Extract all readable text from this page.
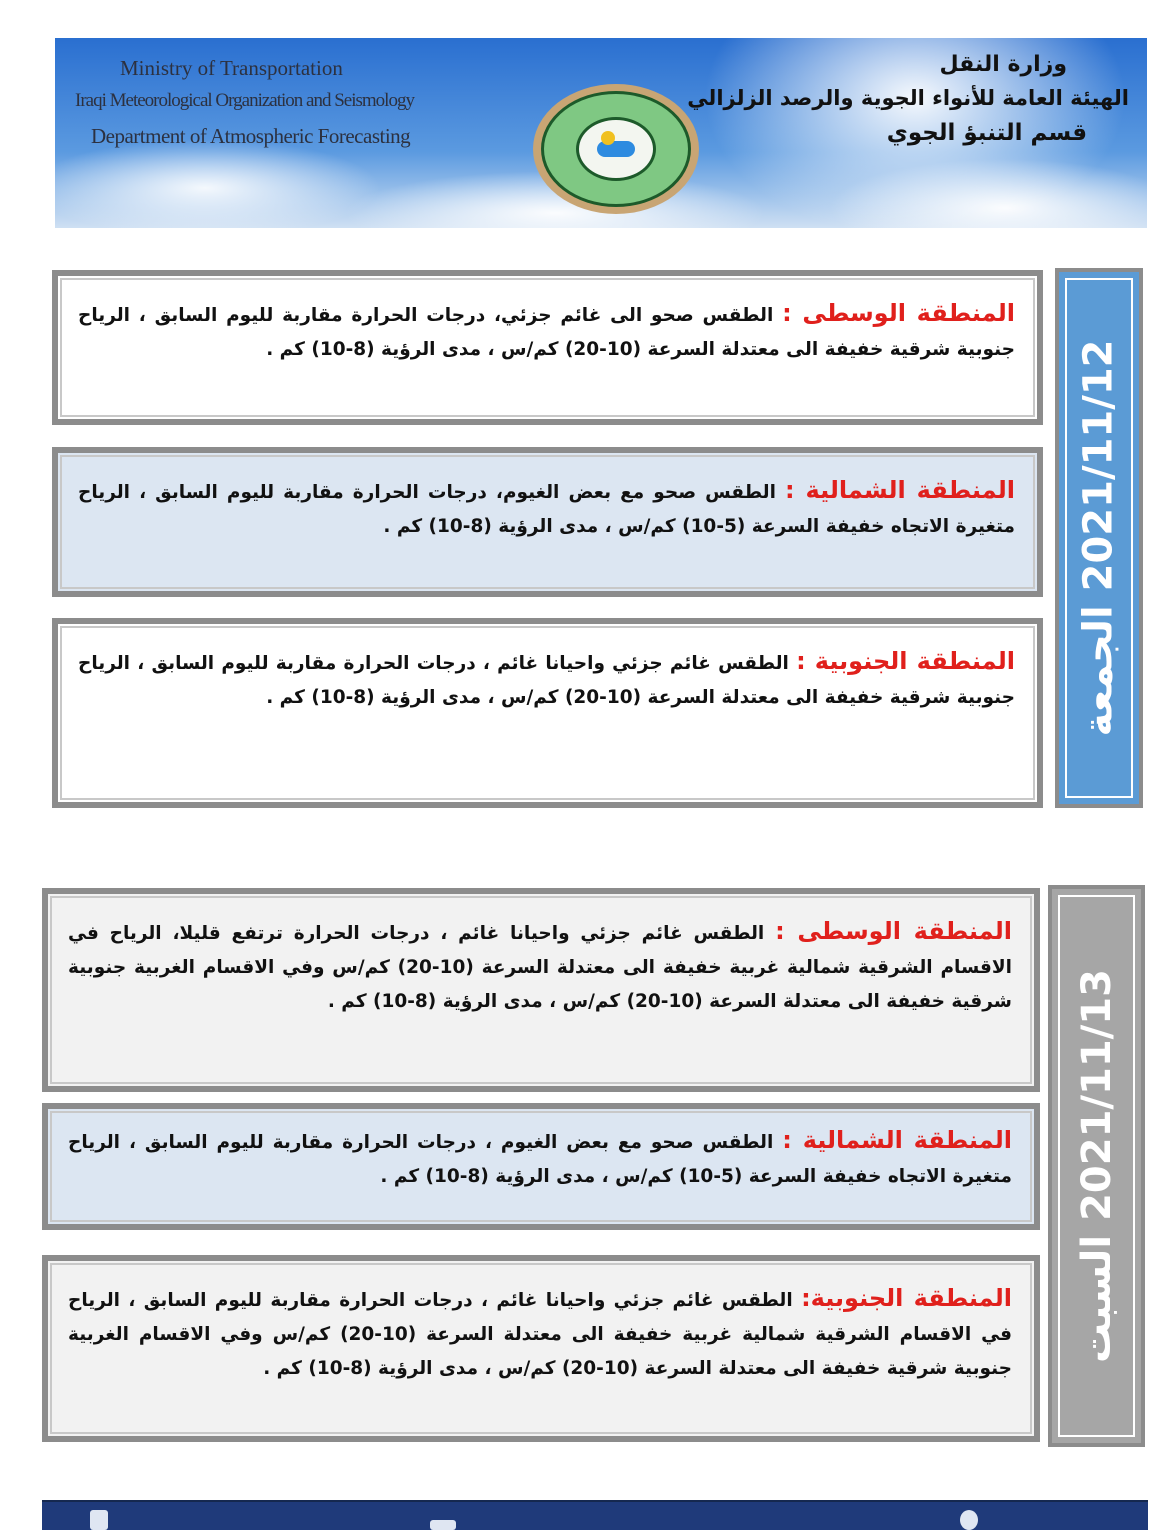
Ministry of Transportation
Iraqi Meteorological Organization and Seismology
Department of Atmospheric Forecasting
وزارة النقل
الهيئة العامة للأنواء الجوية والرصد الزلزالي
قسم التنبؤ الجوي
2021/11/12 الجمعة
المنطقة الوسطى : الطقس صحو الى غائم جزئي، درجات الحرارة مقاربة لليوم السابق ، الرياح جنوبية شرقية خفيفة الى معتدلة السرعة (10-20) كم/س ، مدى الرؤية (8-10) كم .
المنطقة الشمالية : الطقس صحو مع بعض الغيوم، درجات الحرارة مقاربة لليوم السابق ، الرياح متغيرة الاتجاه خفيفة السرعة (5-10) كم/س ، مدى الرؤية (8-10) كم .
المنطقة الجنوبية : الطقس غائم جزئي واحيانا غائم ، درجات الحرارة مقاربة لليوم السابق ، الرياح جنوبية شرقية خفيفة الى معتدلة السرعة (10-20) كم/س ، مدى الرؤية (8-10) كم .
2021/11/13 السبت
المنطقة الوسطى : الطقس غائم جزئي واحيانا غائم ، درجات الحرارة ترتفع قليلا، الرياح في الاقسام الشرقية شمالية غربية خفيفة الى معتدلة السرعة (10-20) كم/س وفي الاقسام الغربية جنوبية شرقية خفيفة الى معتدلة السرعة (10-20) كم/س ، مدى الرؤية (8-10) كم .
المنطقة الشمالية : الطقس صحو مع بعض الغيوم ، درجات الحرارة مقاربة لليوم السابق ، الرياح متغيرة الاتجاه خفيفة السرعة (5-10) كم/س ، مدى الرؤية (8-10) كم .
المنطقة الجنوبية: الطقس غائم جزئي واحيانا غائم ، درجات الحرارة مقاربة لليوم السابق ، الرياح في الاقسام الشرقية شمالية غربية خفيفة الى معتدلة السرعة (10-20) كم/س وفي الاقسام الغربية جنوبية شرقية خفيفة الى معتدلة السرعة (10-20) كم/س ، مدى الرؤية (8-10) كم .
